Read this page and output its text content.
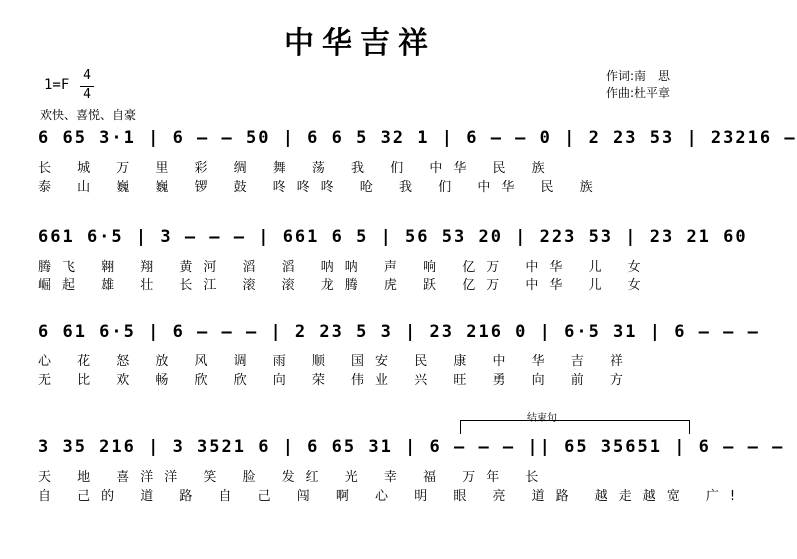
中华吉祥
作词:南　思
作曲:杜平章
1=F
4
4
欢快、喜悦、自豪
6 65 3·1 | 6 – – 50 | 6 6 5 32 1 | 6 – – 0 | 2 23 53 | 23216 –
长 城 万 里 彩 绸 舞 荡 我 们 中华 民 族
泰 山 巍 巍 锣 鼓 咚咚咚 呛 我 们 中华 民 族
661 6·5 | 3 – – – | 661 6 5 | 56 53 20 | 223 53 | 23 21 60
腾飞 翱 翔 黄河 滔 滔 呐呐 声 响 亿万 中华 儿 女
崛起 雄 壮 长江 滚 滚 龙腾 虎 跃 亿万 中华 儿 女
6 61 6·5 | 6 – – – | 2 23 5 3 | 23 216 0 | 6·5 31 | 6 – – –
心 花 怒 放 风 调 雨 顺 国安 民 康 中 华 吉 祥
无 比 欢 畅 欣 欣 向 荣 伟业 兴 旺 勇 向 前 方
结束句
3 35 216 | 3 3521 6 | 6 65 31 | 6 – – – || 65 35651 | 6 – – –
天 地 喜洋洋 笑 脸 发红 光 幸 福 万年 长
自 己的 道 路 自 己 闯 啊 心 明 眼 亮 道路 越走越宽 广!
